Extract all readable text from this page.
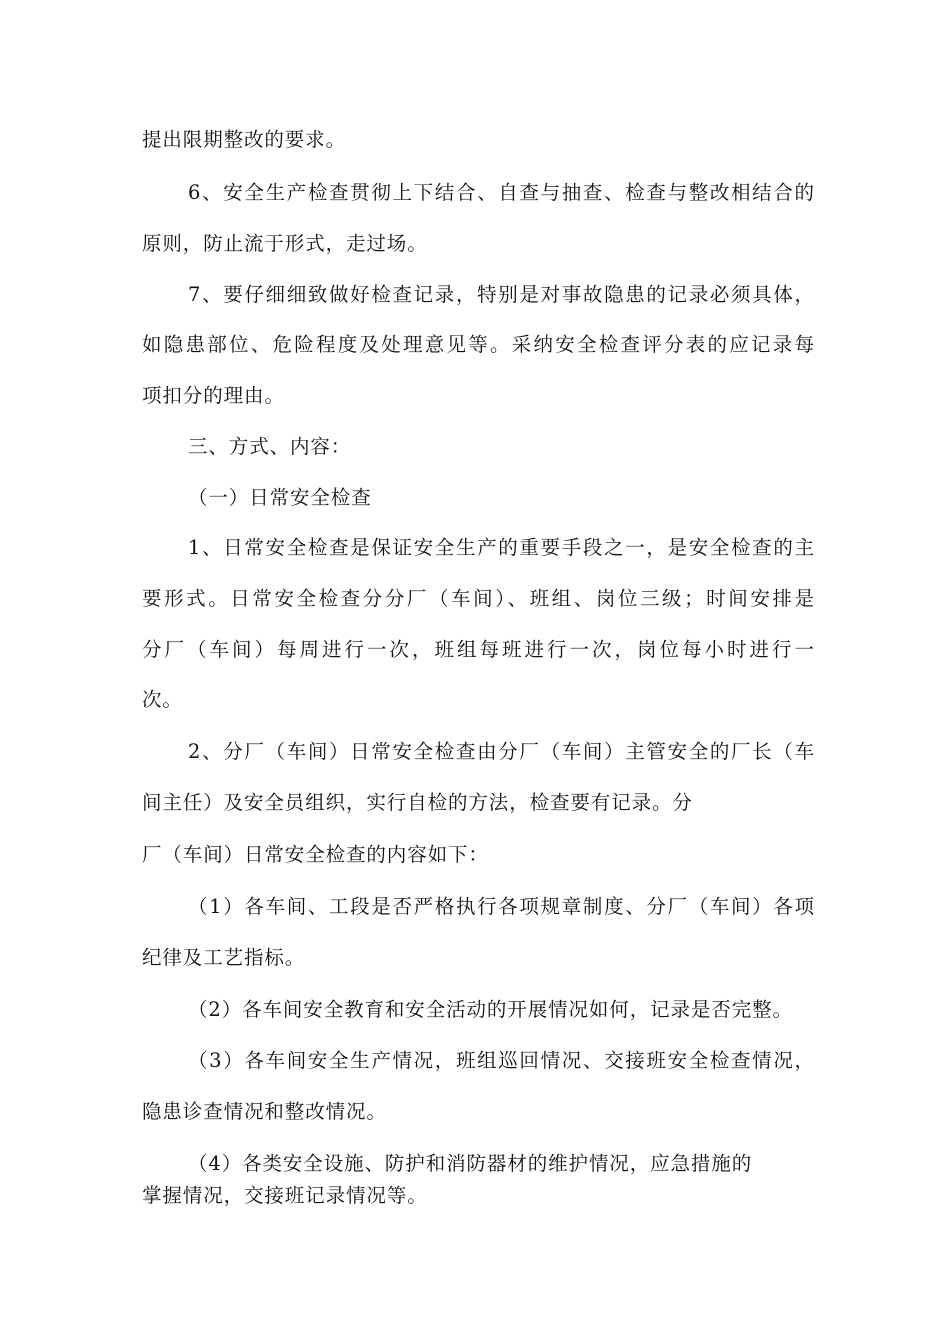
提出限期整改的要求。
6、安全生产检查贯彻上下结合、自查与抽查、检查与整改相结合的
原则，防止流于形式，走过场。
7、要仔细细致做好检查记录，特别是对事故隐患的记录必须具体，
如隐患部位、危险程度及处理意见等。采纳安全检查评分表的应记录每
项扣分的理由。
三、方式、内容：
（一）日常安全检查
1、日常安全检查是保证安全生产的重要手段之一，是安全检查的主
要形式。日常安全检查分分厂（车间）、班组、岗位三级；时间安排是
分厂（车间）每周进行一次，班组每班进行一次，岗位每小时进行一
次。
2、分厂（车间）日常安全检查由分厂（车间）主管安全的厂长（车
间主任）及安全员组织，实行自检的方法，检查要有记录。分
厂（车间）日常安全检查的内容如下：
（1）各车间、工段是否严格执行各项规章制度、分厂（车间）各项
纪律及工艺指标。
（2）各车间安全教育和安全活动的开展情况如何，记录是否完整。
（3）各车间安全生产情况，班组巡回情况、交接班安全检查情况，
隐患诊查情况和整改情况。
（4）各类安全设施、防护和消防器材的维护情况，应急措施的
掌握情况，交接班记录情况等。
